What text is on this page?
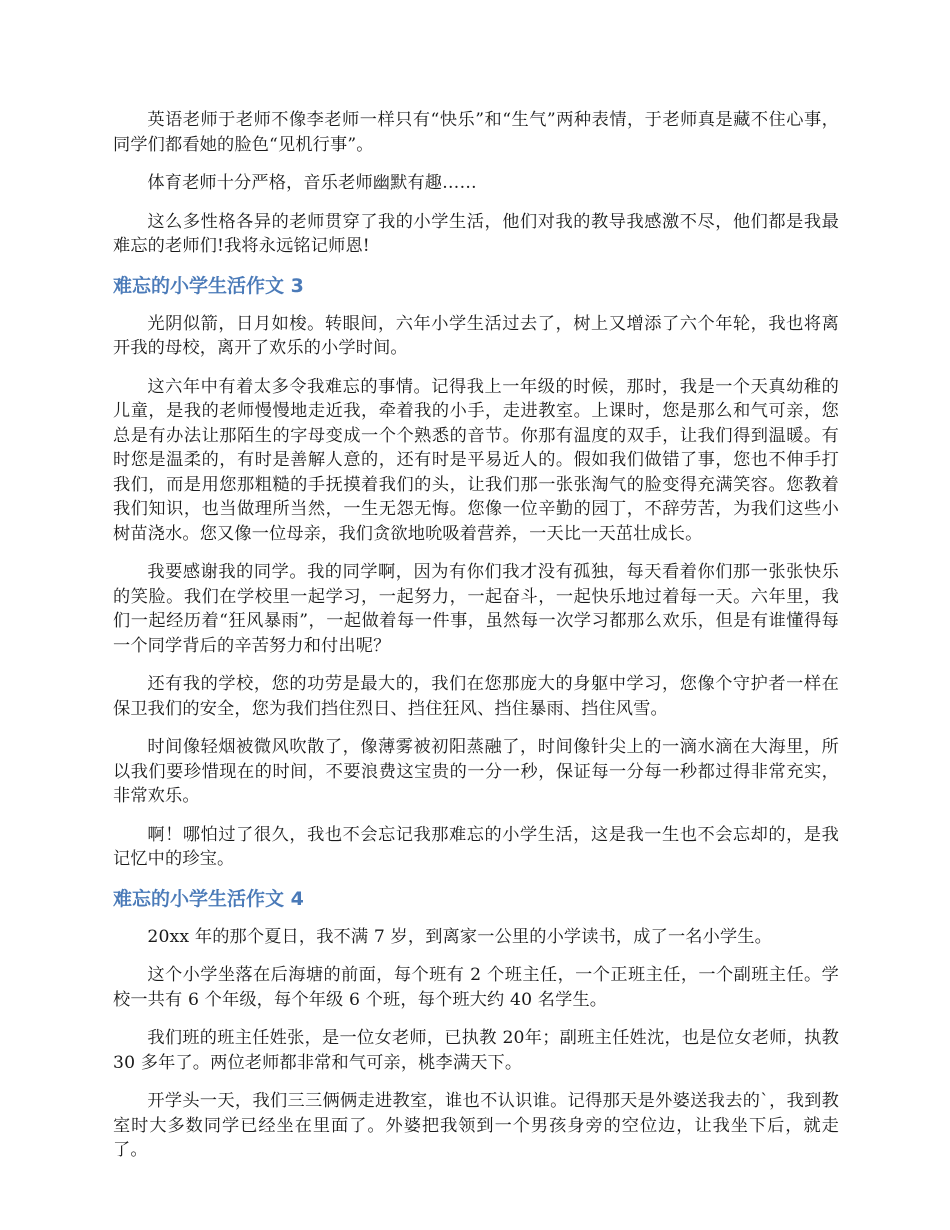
英语老师于老师不像李老师一样只有“快乐”和“生气”两种表情，于老师真是藏不住心事，同学们都看她的脸色“见机行事”。

体育老师十分严格，音乐老师幽默有趣……

这么多性格各异的老师贯穿了我的小学生活，他们对我的教导我感激不尽，他们都是我最难忘的老师们!我将永远铭记师恩!

难忘的小学生活作文 3

光阴似箭，日月如梭。转眼间，六年小学生活过去了，树上又增添了六个年轮，我也将离开我的母校，离开了欢乐的小学时间。

这六年中有着太多令我难忘的事情。记得我上一年级的时候，那时，我是一个天真幼稚的儿童，是我的老师慢慢地走近我，牵着我的小手，走进教室。上课时，您是那么和气可亲，您总是有办法让那陌生的字母变成一个个熟悉的音节。你那有温度的双手，让我们得到温暖。有时您是温柔的，有时是善解人意的，还有时是平易近人的。假如我们做错了事，您也不伸手打我们，而是用您那粗糙的手抚摸着我们的头，让我们那一张张淘气的脸变得充满笑容。您教着我们知识，也当做理所当然，一生无怨无悔。您像一位辛勤的园丁，不辞劳苦，为我们这些小树苗浇水。您又像一位母亲，我们贪欲地吮吸着营养，一天比一天茁壮成长。

我要感谢我的同学。我的同学啊，因为有你们我才没有孤独，每天看着你们那一张张快乐的笑脸。我们在学校里一起学习，一起努力，一起奋斗，一起快乐地过着每一天。六年里，我们一起经历着“狂风暴雨”，一起做着每一件事，虽然每一次学习都那么欢乐，但是有谁懂得每一个同学背后的辛苦努力和付出呢？

还有我的学校，您的功劳是最大的，我们在您那庞大的身躯中学习，您像个守护者一样在保卫我们的安全，您为我们挡住烈日、挡住狂风、挡住暴雨、挡住风雪。

时间像轻烟被微风吹散了，像薄雾被初阳蒸融了，时间像针尖上的一滴水滴在大海里，所以我们要珍惜现在的时间，不要浪费这宝贵的一分一秒，保证每一分每一秒都过得非常充实，非常欢乐。

啊！哪怕过了很久，我也不会忘记我那难忘的小学生活，这是我一生也不会忘却的，是我记忆中的珍宝。

难忘的小学生活作文 4

20xx 年的那个夏日，我不满 7 岁，到离家一公里的小学读书，成了一名小学生。

这个小学坐落在后海塘的前面，每个班有 2 个班主任，一个正班主任，一个副班主任。学校一共有 6 个年级，每个年级 6 个班，每个班大约 40 名学生。

我们班的班主任姓张，是一位女老师，已执教 20年；副班主任姓沈，也是位女老师，执教 30 多年了。两位老师都非常和气可亲，桃李满天下。

开学头一天，我们三三俩俩走进教室，谁也不认识谁。记得那天是外婆送我去的`，我到教室时大多数同学已经坐在里面了。外婆把我领到一个男孩身旁的空位边，让我坐下后，就走了。
